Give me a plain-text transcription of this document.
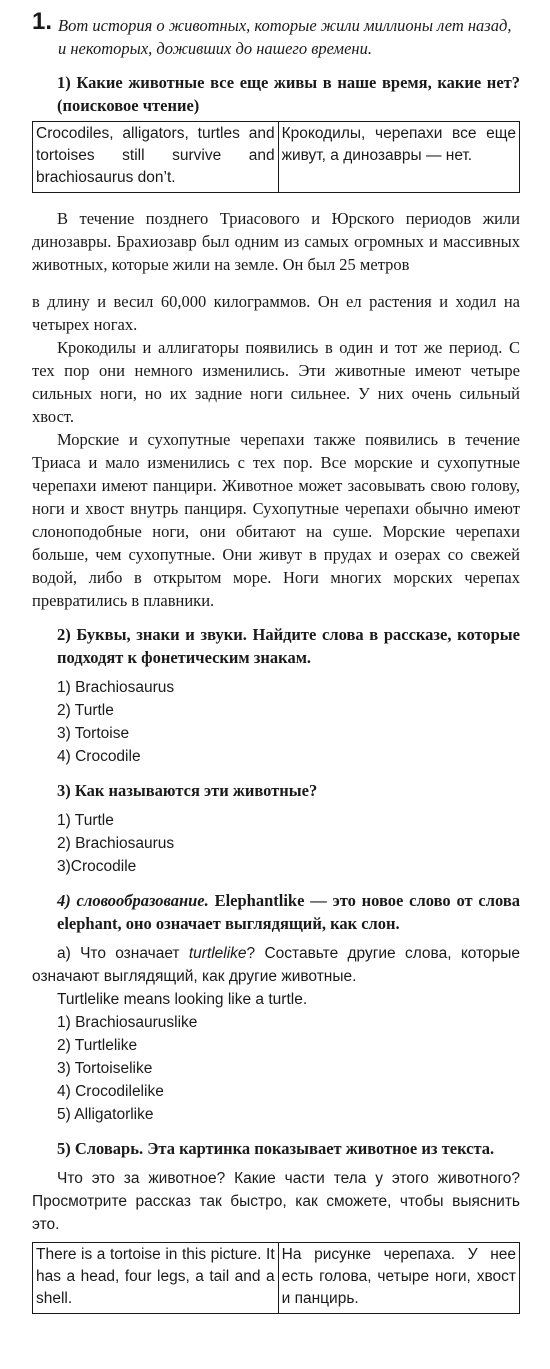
1. Вот история о животных, которые жили миллионы лет назад, и некоторых, доживших до нашего времени.

1) Какие животные все еще живы в наше время, какие нет? (поисковое чтение)

Crocodiles, alligators, turtles and tortoises still survive and brachiosaurus don’t.	Крокодилы, черепахи все еще живут, а динозавры — нет.

В течение позднего Триасового и Юрского периодов жили динозавры. Брахиозавр был одним из самых огромных и массивных животных, которые жили на земле. Он был 25 метров

в длину и весил 60,000 килограммов. Он ел растения и ходил на четырех ногах.

Крокодилы и аллигаторы появились в один и тот же период. С тех пор они немного изменились. Эти животные имеют четыре сильных ноги, но их задние ноги сильнее. У них очень сильный хвост.

Морские и сухопутные черепахи также появились в течение Триаса и мало изменились с тех пор. Все морские и сухопутные черепахи имеют панцири. Животное может засовывать свою голову, ноги и хвост внутрь панциря. Сухопутные черепахи обычно имеют слоноподобные ноги, они обитают на суше. Морские черепахи больше, чем сухопутные. Они живут в прудах и озерах со свежей водой, либо в открытом море. Ноги многих морских черепах превратились в плавники.

2) Буквы, знаки и звуки. Найдите слова в рассказе, которые подходят к фонетическим знакам.

1) Brachiosaurus
2) Turtle
3) Tortoise
4) Crocodile

3) Как называются эти животные?

1) Turtle
2) Brachiosaurus
3)Crocodile

4) словообразование. Elephantlike — это новое слово от слова elephant, оно означает выглядящий, как слон.

а) Что означает turtlelike? Составьте другие слова, которые означают выглядящий, как другие животные.

Turtlelike means looking like a turtle.

1) Brachiosauruslike
2) Turtlelike
3) Tortoiselike
4) Crocodilelike
5) Alligatorlike

5) Словарь. Эта картинка показывает животное из текста.

Что это за животное? Какие части тела у этого животного? Просмотрите рассказ так быстро, как сможете, чтобы выяснить это.

There is a tortoise in this picture. It has a head, four legs, a tail and a shell.	На рисунке черепаха. У нее есть голова, четыре ноги, хвост и панцирь.
